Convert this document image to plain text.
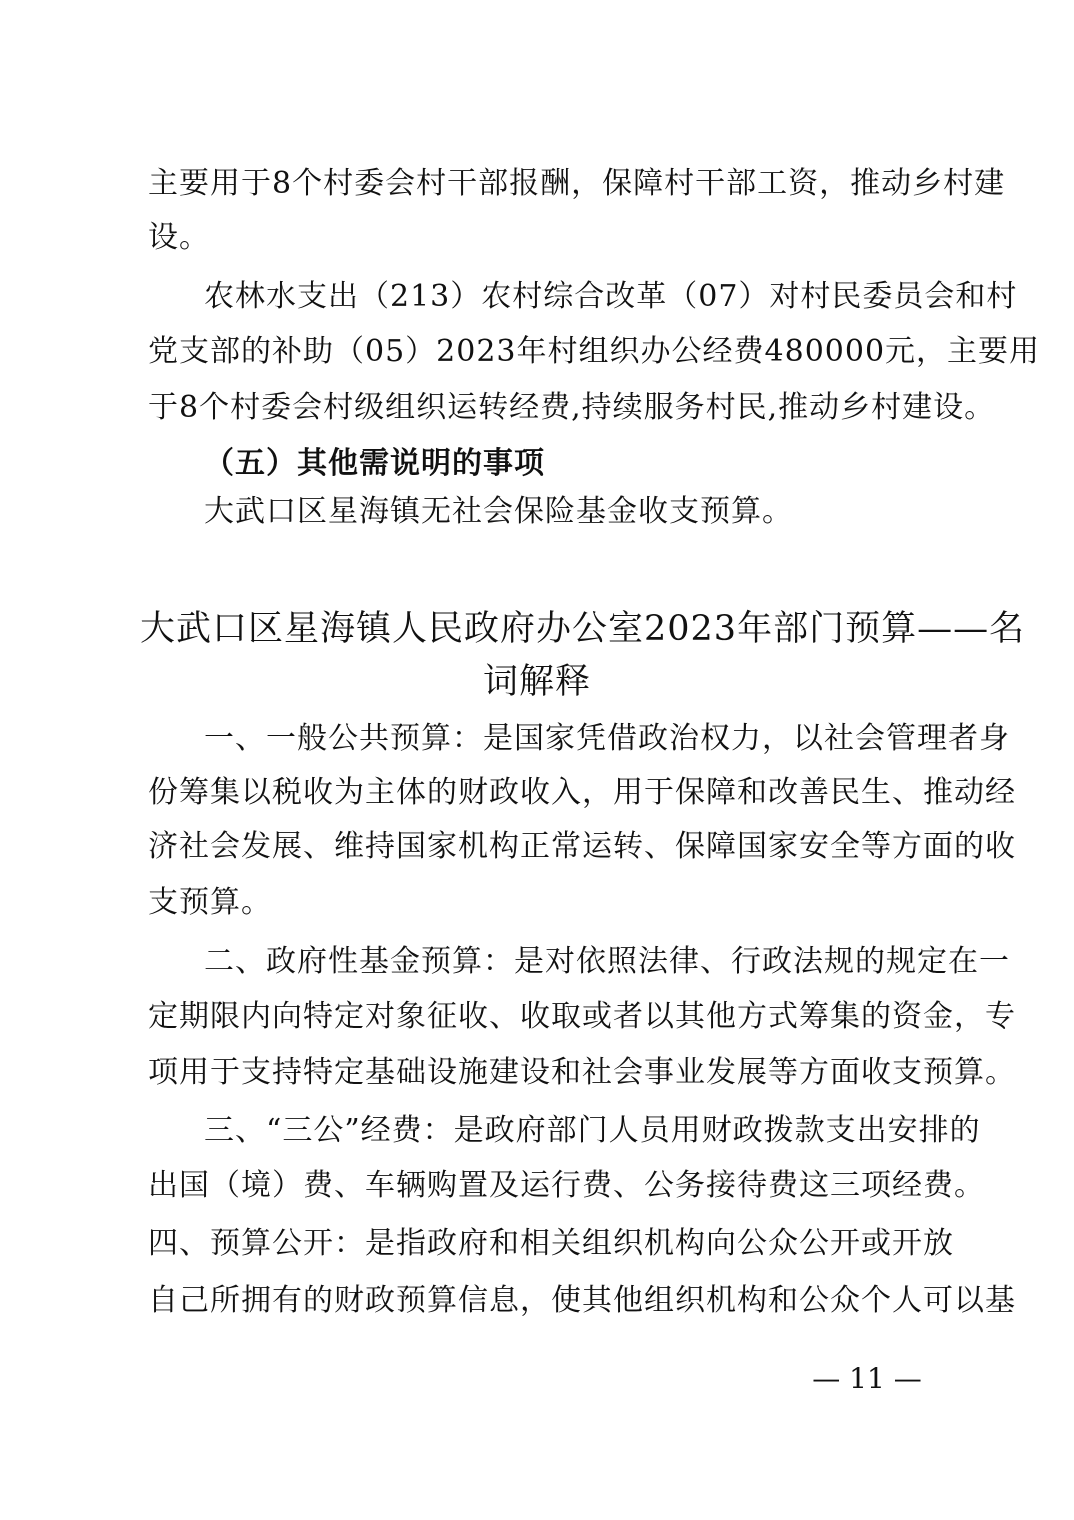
主要用于8个村委会村干部报酬，保障村干部工资，推动乡村建
设。
农林水支出（213）农村综合改革（07）对村民委员会和村
党支部的补助（05）2023年村组织办公经费480000元，主要用
于8个村委会村级组织运转经费,持续服务村民,推动乡村建设。
（五）其他需说明的事项
大武口区星海镇无社会保险基金收支预算。
大武口区星海镇人民政府办公室2023年部门预算——名
词解释
一、一般公共预算：是国家凭借政治权力，以社会管理者身
份筹集以税收为主体的财政收入，用于保障和改善民生、推动经
济社会发展、维持国家机构正常运转、保障国家安全等方面的收
支预算。
二、政府性基金预算：是对依照法律、行政法规的规定在一
定期限内向特定对象征收、收取或者以其他方式筹集的资金，专
项用于支持特定基础设施建设和社会事业发展等方面收支预算。
三、“三公”经费：是政府部门人员用财政拨款支出安排的
出国（境）费、车辆购置及运行费、公务接待费这三项经费。
四、预算公开：是指政府和相关组织机构向公众公开或开放
自己所拥有的财政预算信息，使其他组织机构和公众个人可以基
— 11 —
